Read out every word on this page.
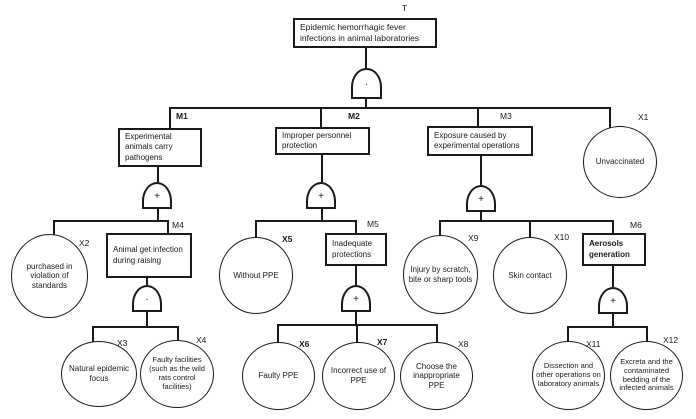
·
+	+	+
·	+	+
Epidemic hemorrhagic fever infections in animal laboratories
T
Experimental animals carry pathogens
M1
Improper personnel protection
M2
Exposure caused by experimental operations
M3
Animal get infection during raising
M4
Inadequate protections
M5
Aerosols generation
M6
Unvaccinated
X1
purchased in violation of standards
X2
Without PPE
X5
Injury by scratch, bite or sharp tools
X9
Skin contact
X10
Natural epidemic focus
X3
Faulty facilities (such as the wild rats control facilities)
X4
Faulty PPE
X6
Incorrect use of PPE
X7
Choose the inappropriate PPE
X8
Dissection and other operations on laboratory animals
X11
Excreta and the contaminated bedding of the infected animals
X12
